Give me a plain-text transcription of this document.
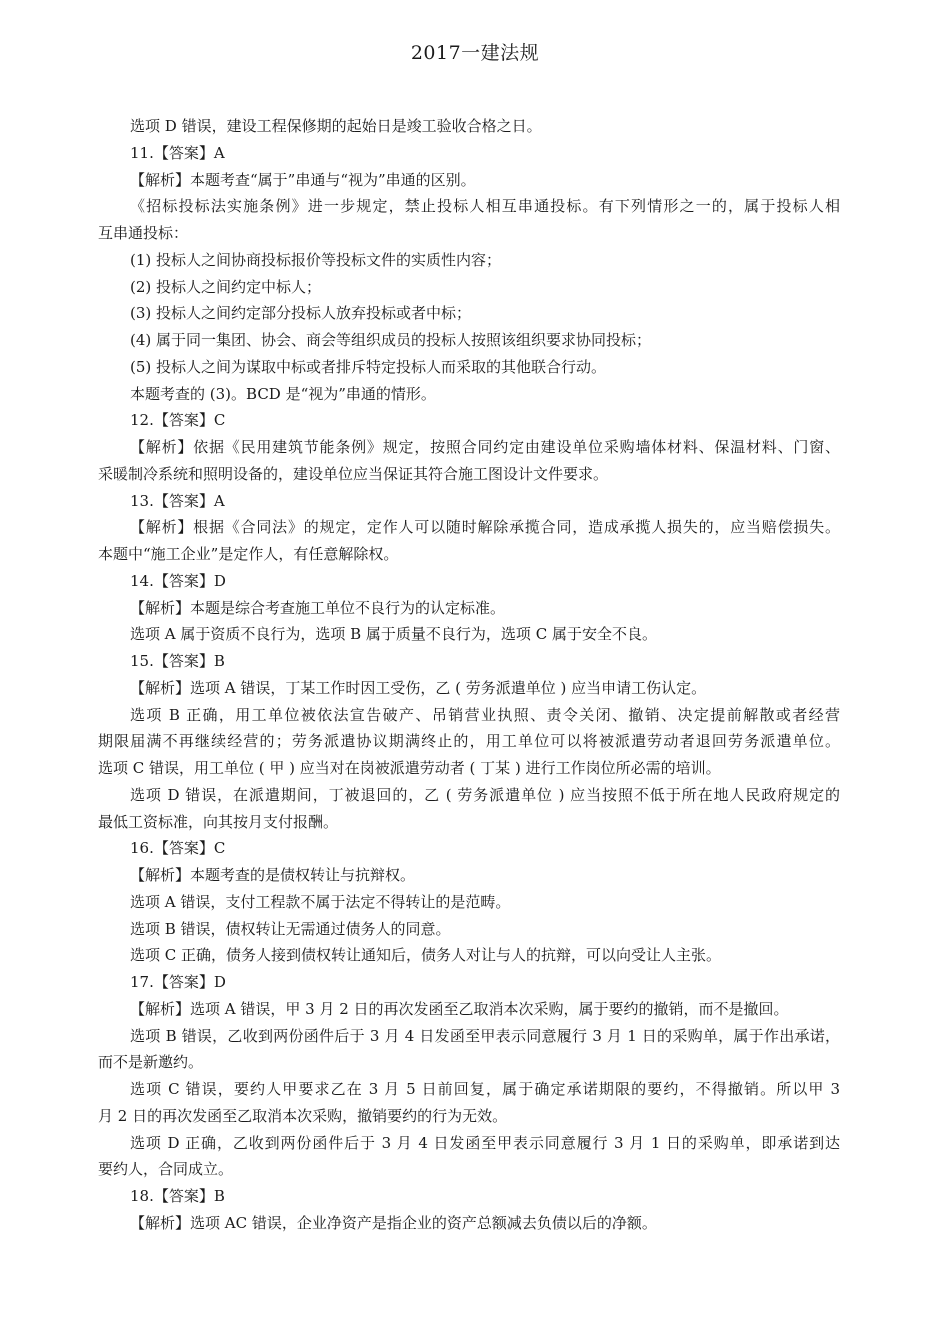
2017一建法规
选项 D 错误，建设工程保修期的起始日是竣工验收合格之日。
11.【答案】A
【解析】本题考查“属于”串通与“视为”串通的区别。
《招标投标法实施条例》进一步规定，禁止投标人相互串通投标。有下列情形之一的，属于投标人相
互串通投标：
(1) 投标人之间协商投标报价等投标文件的实质性内容；
(2) 投标人之间约定中标人；
(3) 投标人之间约定部分投标人放弃投标或者中标；
(4) 属于同一集团、协会、商会等组织成员的投标人按照该组织要求协同投标；
(5) 投标人之间为谋取中标或者排斥特定投标人而采取的其他联合行动。
本题考查的 (3)。BCD 是“视为”串通的情形。
12.【答案】C
【解析】依据《民用建筑节能条例》规定，按照合同约定由建设单位采购墙体材料、保温材料、门窗、
采暖制冷系统和照明设备的，建设单位应当保证其符合施工图设计文件要求。
13.【答案】A
【解析】根据《合同法》的规定，定作人可以随时解除承揽合同，造成承揽人损失的，应当赔偿损失。
本题中“施工企业”是定作人，有任意解除权。
14.【答案】D
【解析】本题是综合考查施工单位不良行为的认定标准。
选项 A 属于资质不良行为，选项 B 属于质量不良行为，选项 C 属于安全不良。
15.【答案】B
【解析】选项 A 错误，丁某工作时因工受伤，乙 ( 劳务派遣单位 ) 应当申请工伤认定。
选项 B 正确，用工单位被依法宣告破产、吊销营业执照、责令关闭、撤销、决定提前解散或者经营
期限届满不再继续经营的；劳务派遣协议期满终止的，用工单位可以将被派遣劳动者退回劳务派遣单位。
选项 C 错误，用工单位 ( 甲 ) 应当对在岗被派遣劳动者 ( 丁某 ) 进行工作岗位所必需的培训。
选项 D 错误，在派遣期间，丁被退回的，乙 ( 劳务派遣单位 ) 应当按照不低于所在地人民政府规定的
最低工资标准，向其按月支付报酬。
16.【答案】C
【解析】本题考查的是债权转让与抗辩权。
选项 A 错误，支付工程款不属于法定不得转让的是范畴。
选项 B 错误，债权转让无需通过债务人的同意。
选项 C 正确，债务人接到债权转让通知后，债务人对让与人的抗辩，可以向受让人主张。
17.【答案】D
【解析】选项 A 错误，甲 3 月 2 日的再次发函至乙取消本次采购，属于要约的撤销，而不是撤回。
选项 B 错误，乙收到两份函件后于 3 月 4 日发函至甲表示同意履行 3 月 1 日的采购单，属于作出承诺，
而不是新邀约。
选项 C 错误，要约人甲要求乙在 3 月 5 日前回复，属于确定承诺期限的要约，不得撤销。所以甲 3
月 2 日的再次发函至乙取消本次采购，撤销要约的行为无效。
选项 D 正确，乙收到两份函件后于 3 月 4 日发函至甲表示同意履行 3 月 1 日的采购单，即承诺到达
要约人，合同成立。
18.【答案】B
【解析】选项 AC 错误，企业净资产是指企业的资产总额减去负债以后的净额。
